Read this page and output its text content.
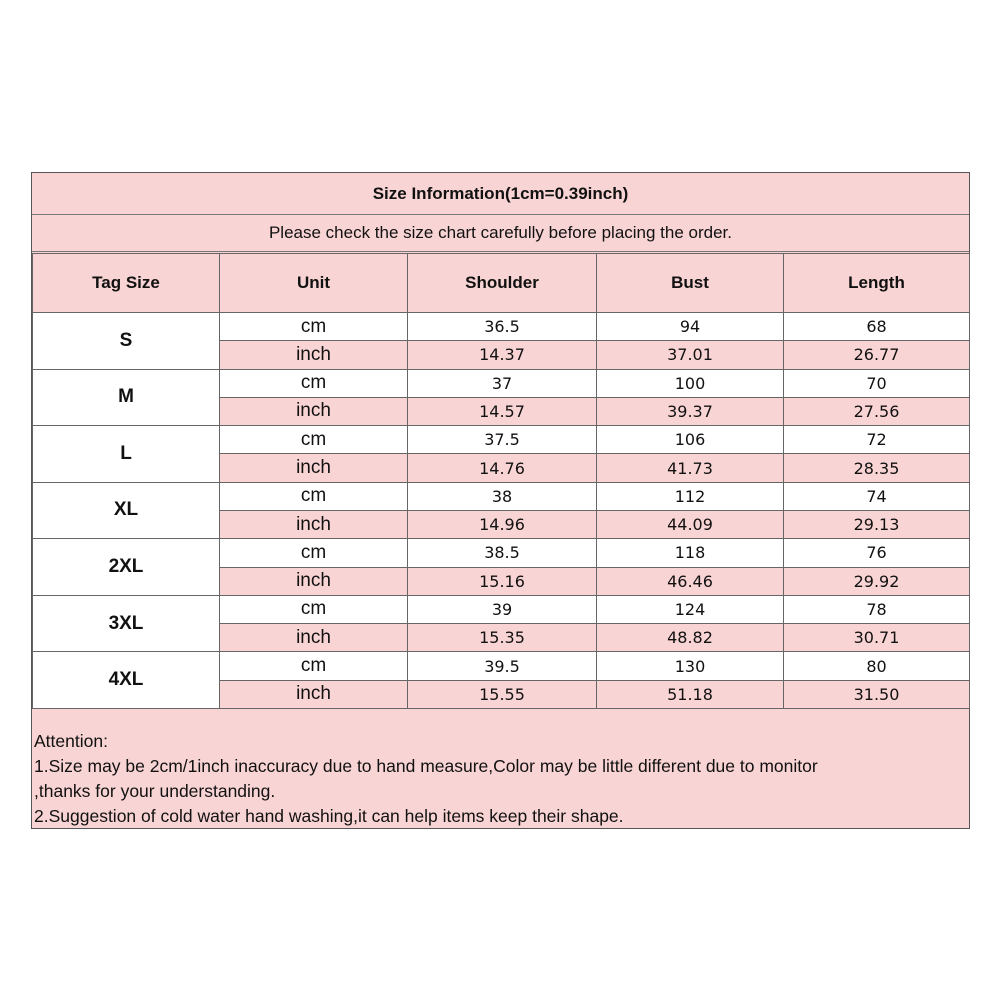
Size Information(1cm=0.39inch)
Please check the size chart carefully before placing the order.
Tag Size	Unit	Shoulder	Bust	Length
S	cm	36.5	94	68
	inch	14.37	37.01	26.77
M	cm	37	100	70
	inch	14.57	39.37	27.56
L	cm	37.5	106	72
	inch	14.76	41.73	28.35
XL	cm	38	112	74
	inch	14.96	44.09	29.13
2XL	cm	38.5	118	76
	inch	15.16	46.46	29.92
3XL	cm	39	124	78
	inch	15.35	48.82	30.71
4XL	cm	39.5	130	80
	inch	15.55	51.18	31.50
Attention:
1.Size may be 2cm/1inch inaccuracy due to hand measure,Color may be little different due to monitor
,thanks for your understanding.
2.Suggestion of cold water hand washing,it can help items keep their shape.
